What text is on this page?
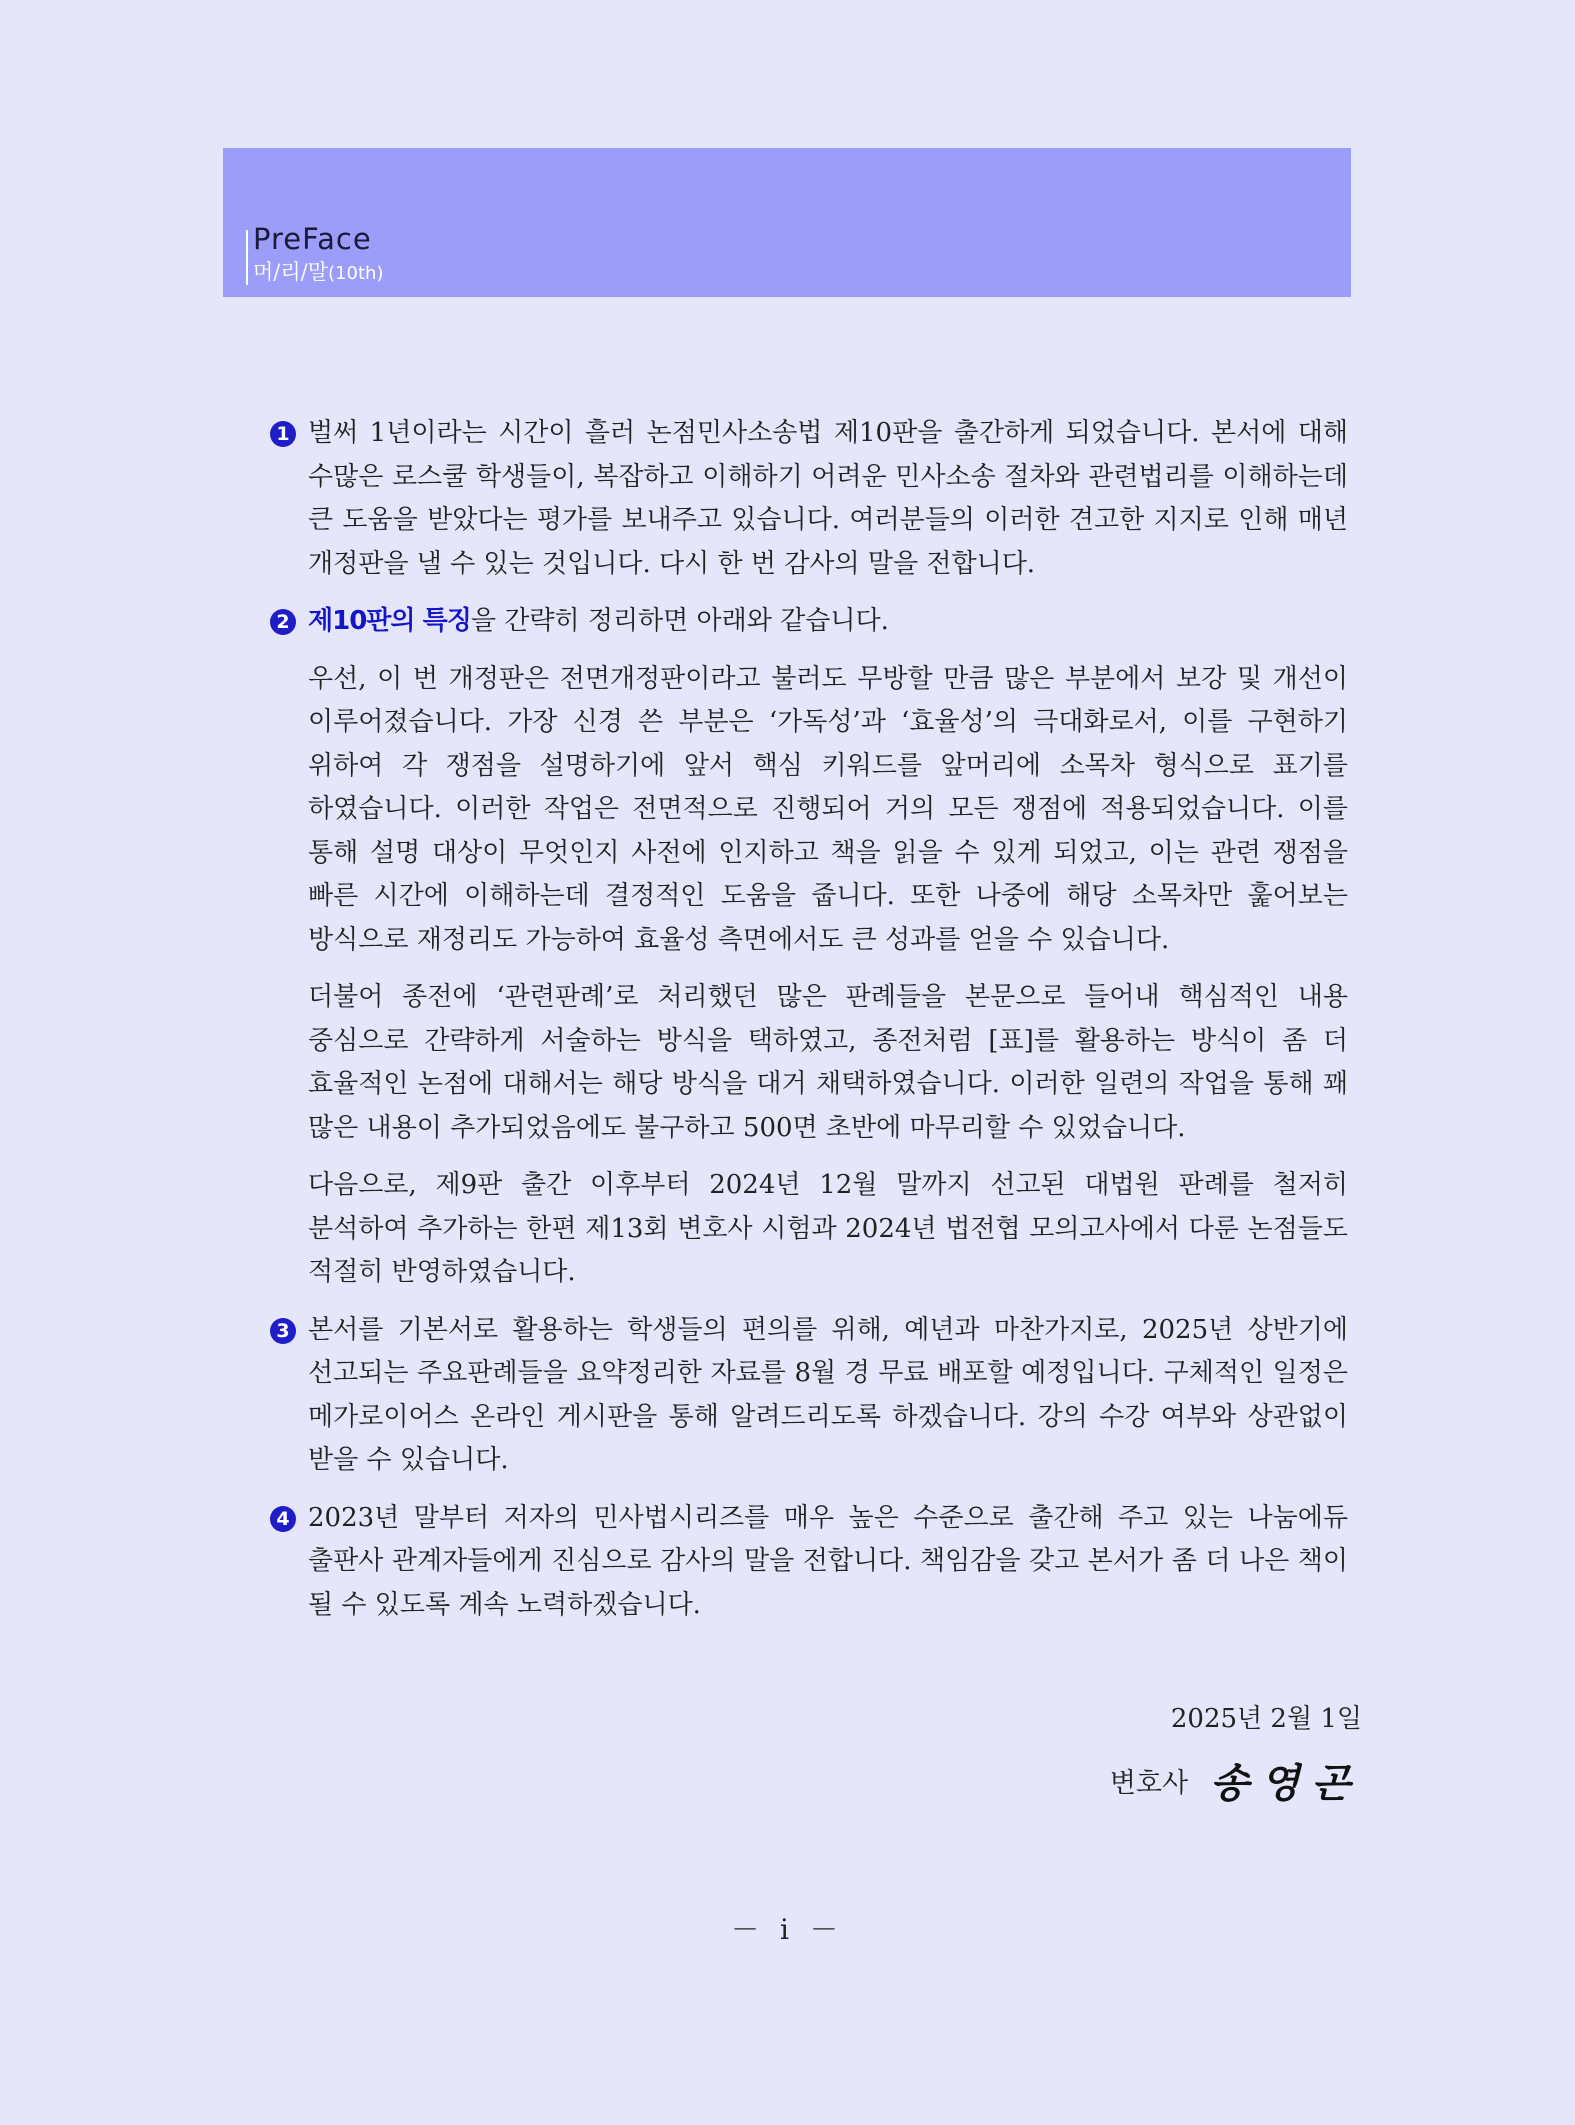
PreFace
머/리/말(10th)

1 벌써 1년이라는 시간이 흘러 논점민사소송법 제10판을 출간하게 되었습니다. 본서에 대해 수많은 로스쿨 학생들이, 복잡하고 이해하기 어려운 민사소송 절차와 관련법리를 이해하는데 큰 도움을 받았다는 평가를 보내주고 있습니다. 여러분들의 이러한 견고한 지지로 인해 매년 개정판을 낼 수 있는 것입니다. 다시 한 번 감사의 말을 전합니다.

2 제10판의 특징을 간략히 정리하면 아래와 같습니다.

우선, 이 번 개정판은 전면개정판이라고 불러도 무방할 만큼 많은 부분에서 보강 및 개선이 이루어졌습니다. 가장 신경 쓴 부분은 ‘가독성’과 ‘효율성’의 극대화로서, 이를 구현하기 위하여 각 쟁점을 설명하기에 앞서 핵심 키워드를 앞머리에 소목차 형식으로 표기를 하였습니다. 이러한 작업은 전면적으로 진행되어 거의 모든 쟁점에 적용되었습니다. 이를 통해 설명 대상이 무엇인지 사전에 인지하고 책을 읽을 수 있게 되었고, 이는 관련 쟁점을 빠른 시간에 이해하는데 결정적인 도움을 줍니다. 또한 나중에 해당 소목차만 훑어보는 방식으로 재정리도 가능하여 효율성 측면에서도 큰 성과를 얻을 수 있습니다.

더불어 종전에 ‘관련판례’로 처리했던 많은 판례들을 본문으로 들어내 핵심적인 내용 중심으로 간략하게 서술하는 방식을 택하였고, 종전처럼 [표]를 활용하는 방식이 좀 더 효율적인 논점에 대해서는 해당 방식을 대거 채택하였습니다. 이러한 일련의 작업을 통해 꽤 많은 내용이 추가되었음에도 불구하고 500면 초반에 마무리할 수 있었습니다.

다음으로, 제9판 출간 이후부터 2024년 12월 말까지 선고된 대법원 판례를 철저히 분석하여 추가하는 한편 제13회 변호사 시험과 2024년 법전협 모의고사에서 다룬 논점들도 적절히 반영하였습니다.

3 본서를 기본서로 활용하는 학생들의 편의를 위해, 예년과 마찬가지로, 2025년 상반기에 선고되는 주요판례들을 요약정리한 자료를 8월 경 무료 배포할 예정입니다. 구체적인 일정은 메가로이어스 온라인 게시판을 통해 알려드리도록 하겠습니다. 강의 수강 여부와 상관없이 받을 수 있습니다.

4 2023년 말부터 저자의 민사법시리즈를 매우 높은 수준으로 출간해 주고 있는 나눔에듀 출판사 관계자들에게 진심으로 감사의 말을 전합니다. 책임감을 갖고 본서가 좀 더 나은 책이 될 수 있도록 계속 노력하겠습니다.

2025년 2월 1일
변호사 송영곤
－ i －
